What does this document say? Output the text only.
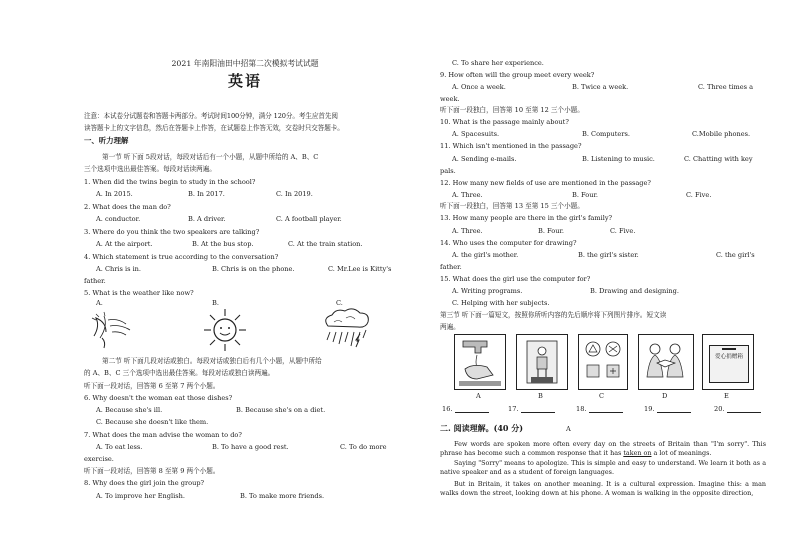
2021 年南阳油田中招第二次模拟考试试题
英语
注意：本试卷分试题卷和答题卡两部分。考试时间100分钟，满分 120分。考生应首先阅
读答题卡上的文字信息，然后在答题卡上作答，在试题卷上作答无效，交卷时只交答题卡。
一、听力理解
第一节 听下面 5段对话，每段对话后有一个小题，从题中所给的 A、B、C
三个选项中选出最佳答案。每段对话读两遍。
1. When did the twins begin to study in the school?
A. In 2015.	B. In 2017.	C. In 2019.
2. What does the man do?
A. conductor.	B. A driver.	C. A football player.
3. Where do you think the two speakers are talking?
A. At the airport.	B. At the bus stop.	C. At the train station.
4. Which statement is true according to the conversation?
A. Chris is in.	B. Chris is on the phone.	C. Mr.Lee is Kitty's
father.
5. What is the weather like now?
A.	B.	C.
第二节 听下面几段对话或独白。每段对话或独白后有几个小题，从题中所给
的 A、B、C 三个选项中选出最佳答案。每段对话或独白读两遍。
听下面一段对话，回答第 6 至第 7 两个小题。
6. Why doesn't the woman eat those dishes?
A. Because she's ill.	B. Because she's on a diet.
C. Because she doesn't like them.
7. What does the man advise the woman to do?
A. To eat less.	B. To have a good rest.	C. To do more
exercise.
听下面一段对话，回答第 8 至第 9 两个小题。
8. Why does the girl join the group?
A. To improve her English.	B. To make more friends.
C. To share her experience.
9. How often will the group meet every week?
A. Once a week.	B. Twice a week.	C. Three times a
week.
听下面一段独白，回答第 10 至第 12 三个小题。
10. What is the passage mainly about?
A. Spacesuits.	B. Computers.	C.Mobile phones.
11. Which isn't mentioned in the passage?
A. Sending e-mails.	B. Listening to music.	C. Chatting with key
pals.
12. How many new fields of use are mentioned in the passage?
A. Three.	B. Four.	C. Five.
听下面一段独白，回答第 13 至第 15 三个小题。
13. How many people are there in the girl's family?
A. Three.	B. Four.	C. Five.
14. Who uses the computer for drawing?
A. the girl's mother.	B. the girl's sister.	C. the girl's
father.
15. What does the girl use the computer for?
A. Writing programs.	B. Drawing and designing.
C. Helping with her subjects.
第三节 听下面一篇短文，按照你所听内容的先后顺序将下列图片排序。短文读
两遍。
爱心捐赠箱
A	B	C	D	E
16.	17.	18.	19.	20.
二. 阅读理解。(40 分)	A
Few words are spoken more often every day on the streets of Britain than "I'm sorry". This phrase has become such a common response that it has taken on a lot of meanings.
Saying "Sorry" means to apologize. This is simple and easy to understand. We learn it both as a native speaker and as a student of foreign languages.
But in Britain, it takes on another meaning. It is a cultural expression. Imagine this: a man walks down the street, looking down at his phone. A woman is walking in the opposite direction,
